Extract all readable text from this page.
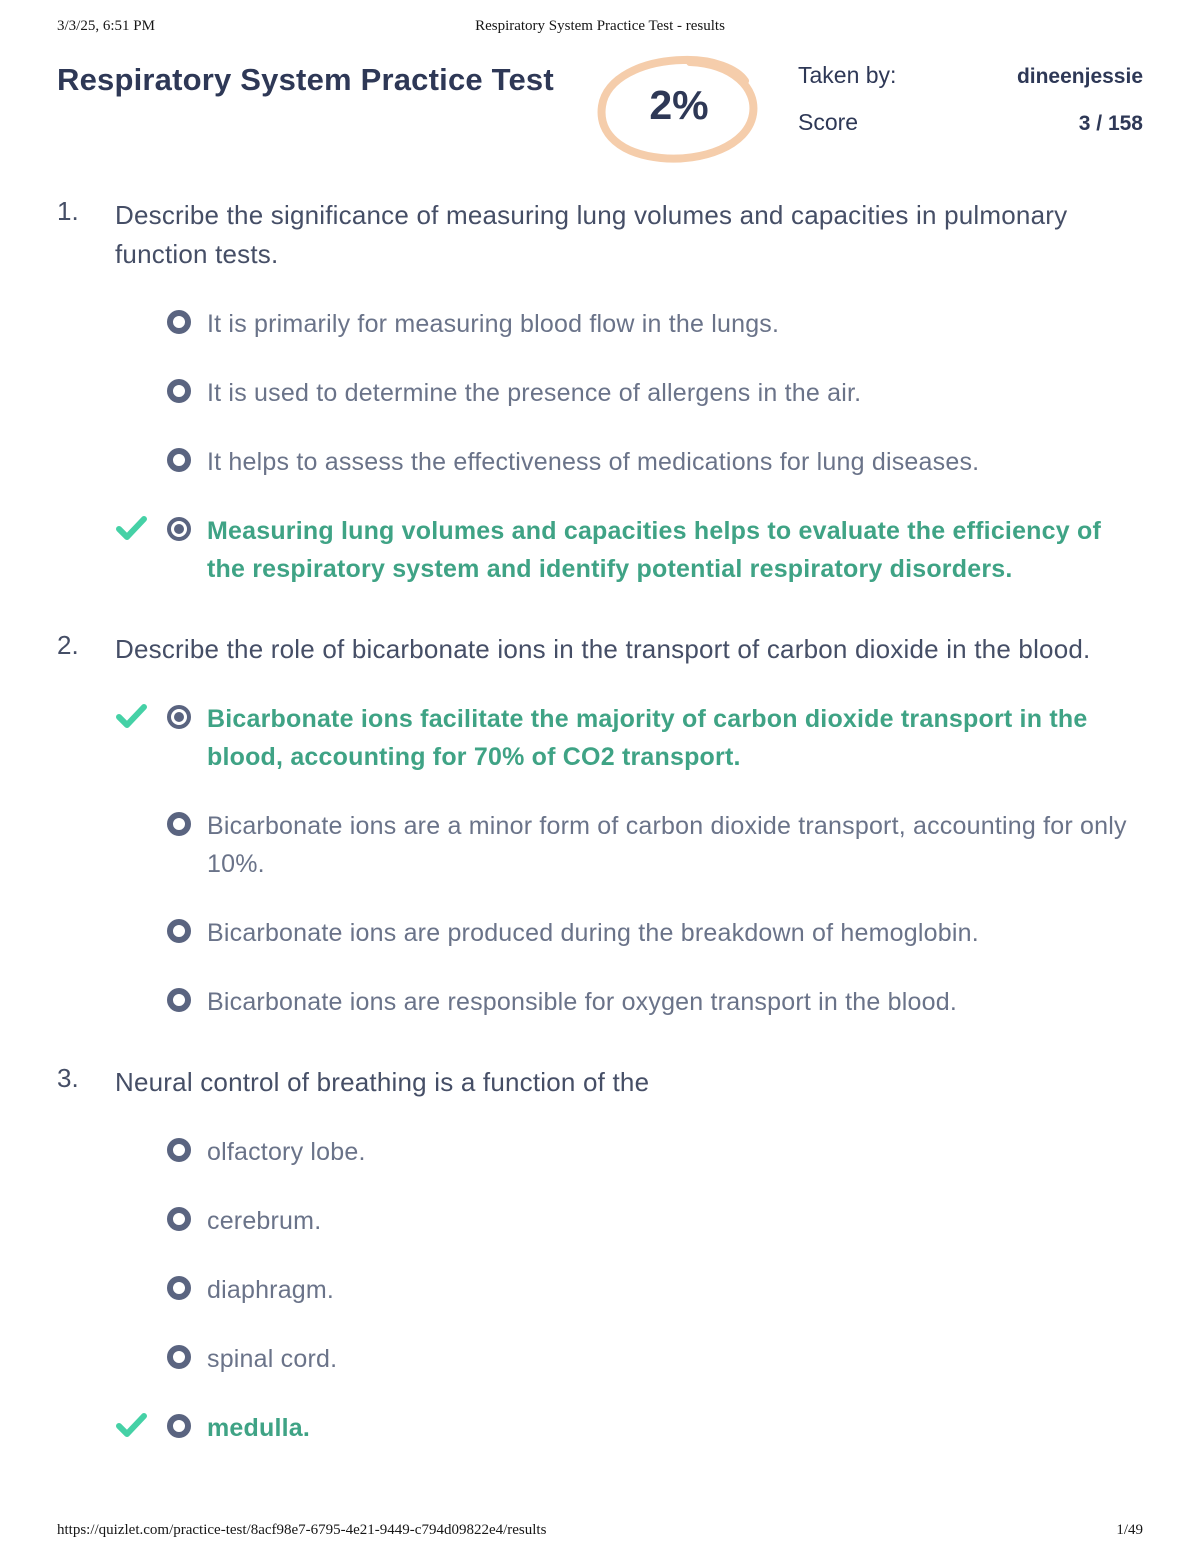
3/3/25, 6:51 PM	Respiratory System Practice Test - results
Respiratory System Practice Test
2%
Taken by:	dineenjessie
Score	3 / 158
1.	Describe the significance of measuring lung volumes and capacities in pulmonary function tests.
It is primarily for measuring blood flow in the lungs.
It is used to determine the presence of allergens in the air.
It helps to assess the effectiveness of medications for lung diseases.
Measuring lung volumes and capacities helps to evaluate the efficiency of the respiratory system and identify potential respiratory disorders.
2.	Describe the role of bicarbonate ions in the transport of carbon dioxide in the blood.
Bicarbonate ions facilitate the majority of carbon dioxide transport in the blood, accounting for 70% of CO2 transport.
Bicarbonate ions are a minor form of carbon dioxide transport, accounting for only 10%.
Bicarbonate ions are produced during the breakdown of hemoglobin.
Bicarbonate ions are responsible for oxygen transport in the blood.
3.	Neural control of breathing is a function of the
olfactory lobe.
cerebrum.
diaphragm.
spinal cord.
medulla.
https://quizlet.com/practice-test/8acf98e7-6795-4e21-9449-c794d09822e4/results	1/49
